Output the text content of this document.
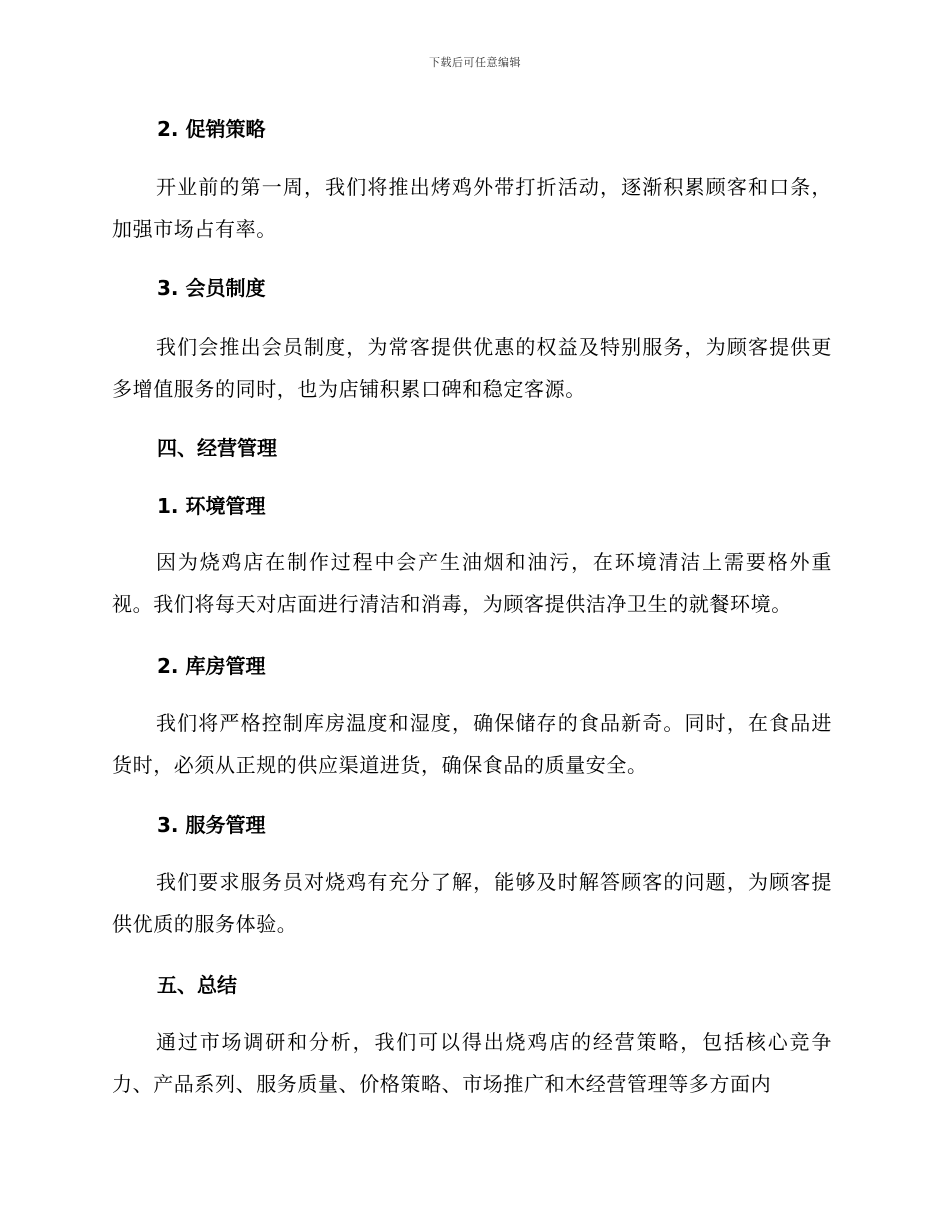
下载后可任意编辑
2. 促销策略

开业前的第一周，我们将推出烤鸡外带打折活动，逐渐积累顾客和口条，加强市场占有率。

3. 会员制度

我们会推出会员制度，为常客提供优惠的权益及特别服务，为顾客提供更多增值服务的同时，也为店铺积累口碑和稳定客源。

四、经营管理
1. 环境管理

因为烧鸡店在制作过程中会产生油烟和油污，在环境清洁上需要格外重视。我们将每天对店面进行清洁和消毒，为顾客提供洁净卫生的就餐环境。

2. 库房管理

我们将严格控制库房温度和湿度，确保储存的食品新奇。同时，在食品进货时，必须从正规的供应渠道进货，确保食品的质量安全。

3. 服务管理

我们要求服务员对烧鸡有充分了解，能够及时解答顾客的问题，为顾客提供优质的服务体验。

五、总结

通过市场调研和分析，我们可以得出烧鸡店的经营策略，包括核心竞争力、产品系列、服务质量、价格策略、市场推广和木经营管理等多方面内
